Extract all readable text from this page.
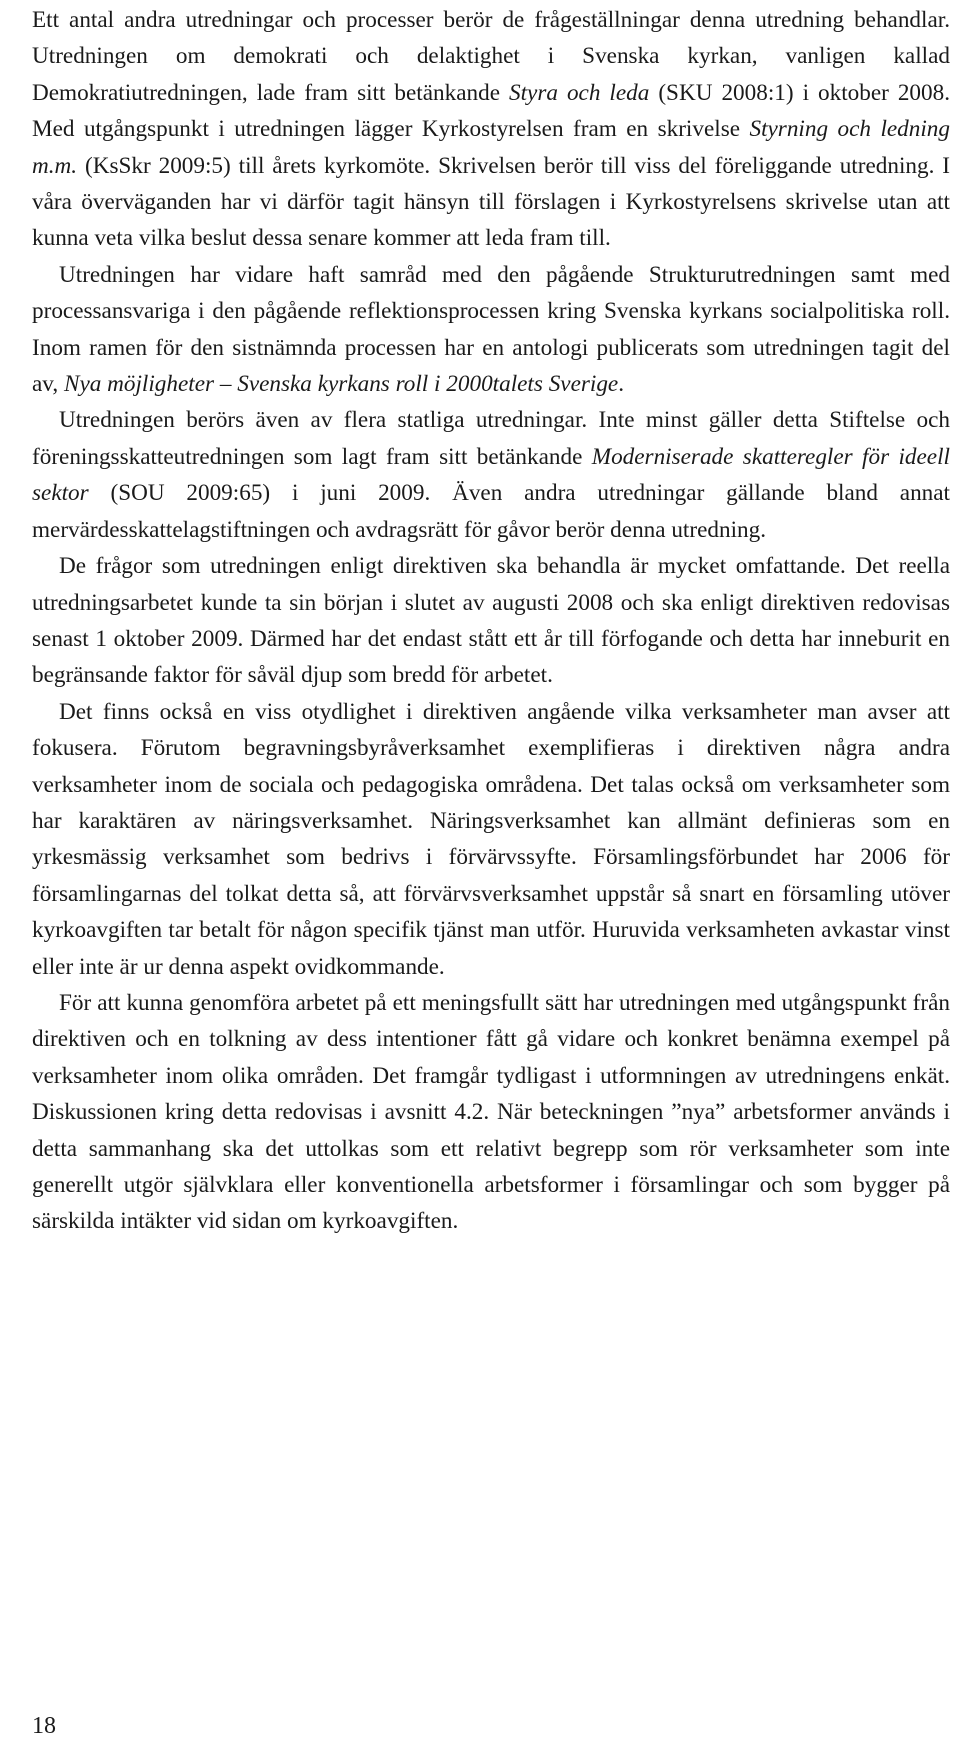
Ett antal andra utredningar och processer berör de frågeställningar denna utredning behandlar. Utredningen om demokrati och delaktighet i Svenska kyrkan, vanligen kallad Demokratiutredningen, lade fram sitt betänkande Styra och leda (SKU 2008:1) i oktober 2008. Med utgångspunkt i utredningen lägger Kyrkostyrelsen fram en skrivelse Styrning och ledning m.m. (KsSkr 2009:5) till årets kyrkomöte. Skrivelsen berör till viss del föreliggande utredning. I våra överväganden har vi därför tagit hänsyn till förslagen i Kyrkostyrelsens skrivelse utan att kunna veta vilka beslut dessa senare kommer att leda fram till.

Utredningen har vidare haft samråd med den pågående Strukturutredningen samt med processansvariga i den pågående reflektionsprocessen kring Svenska kyrkans socialpolitiska roll. Inom ramen för den sistnämnda processen har en antologi publicerats som utredningen tagit del av, Nya möjligheter – Svenska kyrkans roll i 2000talets Sverige.

Utredningen berörs även av flera statliga utredningar. Inte minst gäller detta Stiftelse och föreningsskatteutredningen som lagt fram sitt betänkande Moderniserade skatteregler för ideell sektor (SOU 2009:65) i juni 2009. Även andra utredningar gällande bland annat mervärdesskattelagstiftningen och avdragsrätt för gåvor berör denna utredning.

De frågor som utredningen enligt direktiven ska behandla är mycket omfattande. Det reella utredningsarbetet kunde ta sin början i slutet av augusti 2008 och ska enligt direktiven redovisas senast 1 oktober 2009. Därmed har det endast stått ett år till förfogande och detta har inneburit en begränsande faktor för såväl djup som bredd för arbetet.

Det finns också en viss otydlighet i direktiven angående vilka verksamheter man avser att fokusera. Förutom begravningsbyråverksamhet exemplifieras i direktiven några andra verksamheter inom de sociala och pedagogiska områdena. Det talas också om verksamheter som har karaktären av näringsverksamhet. Näringsverksamhet kan allmänt definieras som en yrkesmässig verksamhet som bedrivs i förvärvssyfte. Församlingsförbundet har 2006 för församlingarnas del tolkat detta så, att förvärvsverksamhet uppstår så snart en församling utöver kyrkoavgiften tar betalt för någon specifik tjänst man utför. Huruvida verksamheten avkastar vinst eller inte är ur denna aspekt ovidkommande.

För att kunna genomföra arbetet på ett meningsfullt sätt har utredningen med utgångspunkt från direktiven och en tolkning av dess intentioner fått gå vidare och konkret benämna exempel på verksamheter inom olika områden. Det framgår tydligast i utformningen av utredningens enkät. Diskussionen kring detta redovisas i avsnitt 4.2. När beteckningen ”nya” arbetsformer används i detta sammanhang ska det uttolkas som ett relativt begrepp som rör verksamheter som inte generellt utgör självklara eller konventionella arbetsformer i församlingar och som bygger på särskilda intäkter vid sidan om kyrkoavgiften.

18
